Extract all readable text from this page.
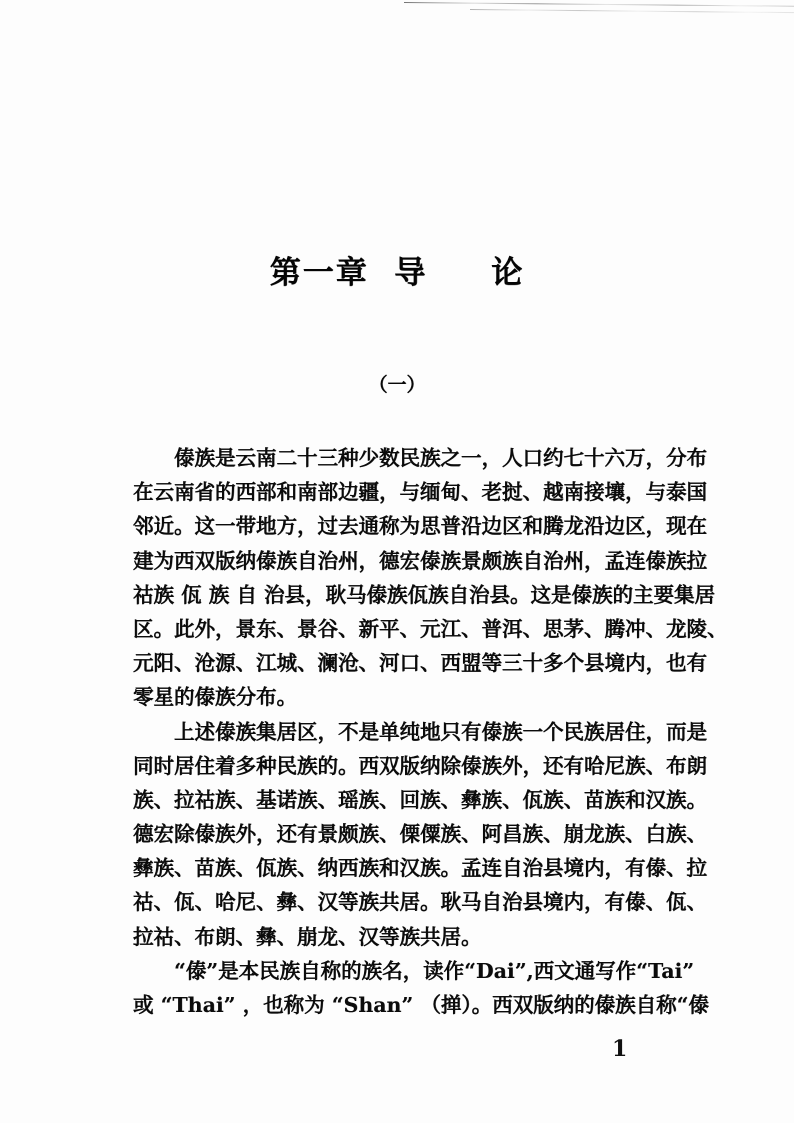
第一章  导     论
（一）
傣族是云南二十三种少数民族之一，人口约七十六万，分布
在云南省的西部和南部边疆，与缅甸、老挝、越南接壤，与泰国
邻近。这一带地方，过去通称为思普沿边区和腾龙沿边区，现在
建为西双版纳傣族自治州，德宏傣族景颇族自治州，孟连傣族拉
祜族 佤 族 自 治县，耿马傣族佤族自治县。这是傣族的主要集居
区。此外，景东、景谷、新平、元江、普洱、思茅、腾冲、龙陵、
元阳、沧源、江城、澜沧、河口、西盟等三十多个县境内，也有
零星的傣族分布。
上述傣族集居区，不是单纯地只有傣族一个民族居住，而是
同时居住着多种民族的。西双版纳除傣族外，还有哈尼族、布朗
族、拉祜族、基诺族、瑶族、回族、彝族、佤族、苗族和汉族。
德宏除傣族外，还有景颇族、傈僳族、阿昌族、崩龙族、白族、
彝族、苗族、佤族、纳西族和汉族。孟连自治县境内，有傣、拉
祜、佤、哈尼、彝、汉等族共居。耿马自治县境内，有傣、佤、
拉祜、布朗、彝、崩龙、汉等族共居。
“傣”是本民族自称的族名，读作“Dai”,西文通写作“Tai”
或 “Thai” ，也称为 “Shan” （掸）。西双版纳的傣族自称“傣
1
